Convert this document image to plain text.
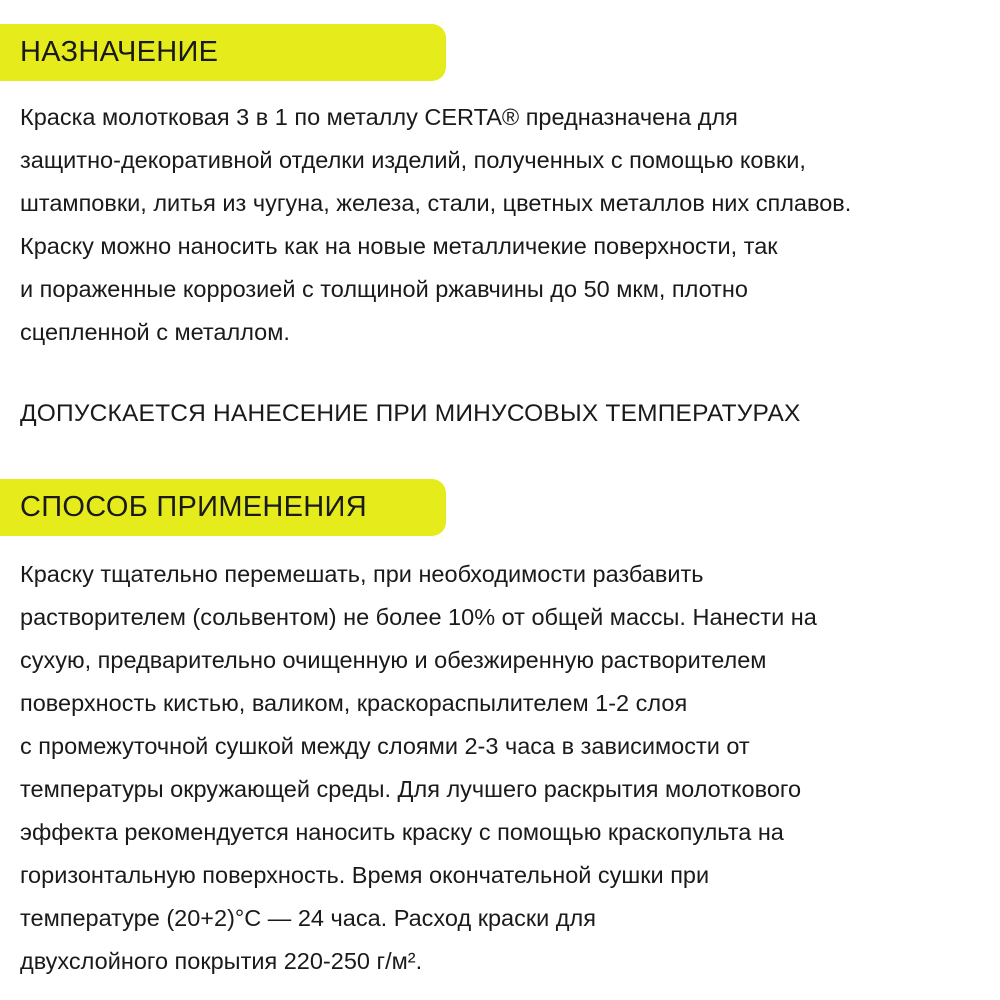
НАЗНАЧЕНИЕ

Краска молотковая 3 в 1 по металлу CERTA® предназначена для
защитно-декоративной отделки изделий, полученных с помощью ковки,
штамповки, литья из чугуна, железа, стали, цветных металлов них сплавов.
Краску можно наносить как на новые металличекие поверхности, так
и пораженные коррозией с толщиной ржавчины до 50 мкм, плотно
сцепленной с металлом.

ДОПУСКАЕТСЯ НАНЕСЕНИЕ ПРИ МИНУСОВЫХ ТЕМПЕРАТУРАХ

СПОСОБ ПРИМЕНЕНИЯ

Краску тщательно перемешать, при необходимости разбавить
растворителем (сольвентом) не более 10% от общей массы. Нанести на
сухую, предварительно очищенную и обезжиренную растворителем
поверхность кистью, валиком, краскораспылителем 1-2 слоя
с промежуточной сушкой между слоями 2-3 часа в зависимости от
температуры окружающей среды. Для лучшего раскрытия молоткового
эффекта рекомендуется наносить краску с помощью краскопульта на
горизонтальную поверхность. Время окончательной сушки при
температуре (20+2)°С — 24 часа. Расход краски для
двухслойного покрытия 220-250 г/м².
